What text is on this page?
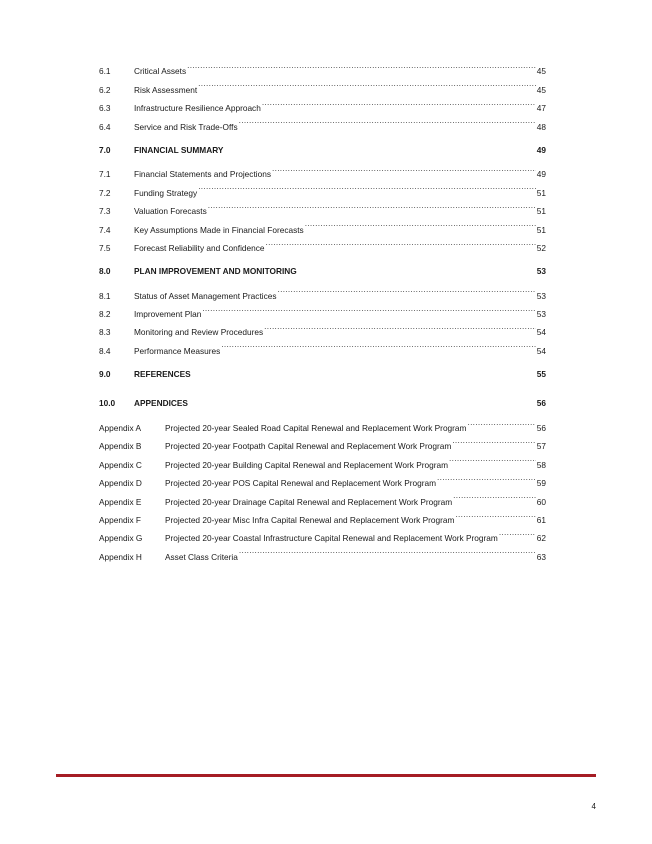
6.1	Critical Assets .....	45
6.2	Risk Assessment .....	45
6.3	Infrastructure Resilience Approach .....	47
6.4	Service and Risk Trade-Offs .....	48
7.0	FINANCIAL SUMMARY	49
7.1	Financial Statements and Projections .....	49
7.2	Funding Strategy .....	51
7.3	Valuation Forecasts .....	51
7.4	Key Assumptions Made in Financial Forecasts .....	51
7.5	Forecast Reliability and Confidence .....	52
8.0	PLAN IMPROVEMENT AND MONITORING	53
8.1	Status of Asset Management Practices .....	53
8.2	Improvement Plan .....	53
8.3	Monitoring and Review Procedures .....	54
8.4	Performance Measures .....	54
9.0	REFERENCES	55
10.0	APPENDICES	56
Appendix A	Projected 20-year Sealed Road Capital Renewal and Replacement Work Program .....	56
Appendix B	Projected 20-year Footpath Capital Renewal and Replacement Work Program .....	57
Appendix C	Projected 20-year Building Capital Renewal and Replacement Work Program .....	58
Appendix D	Projected 20-year POS Capital Renewal and Replacement Work Program .....	59
Appendix E	Projected 20-year Drainage Capital Renewal and Replacement Work Program .....	60
Appendix F	Projected 20-year Misc Infra Capital Renewal and Replacement Work Program .....	61
Appendix G	Projected 20-year Coastal Infrastructure Capital Renewal and Replacement Work Program .....	62
Appendix H	Asset Class Criteria .....	63
4
